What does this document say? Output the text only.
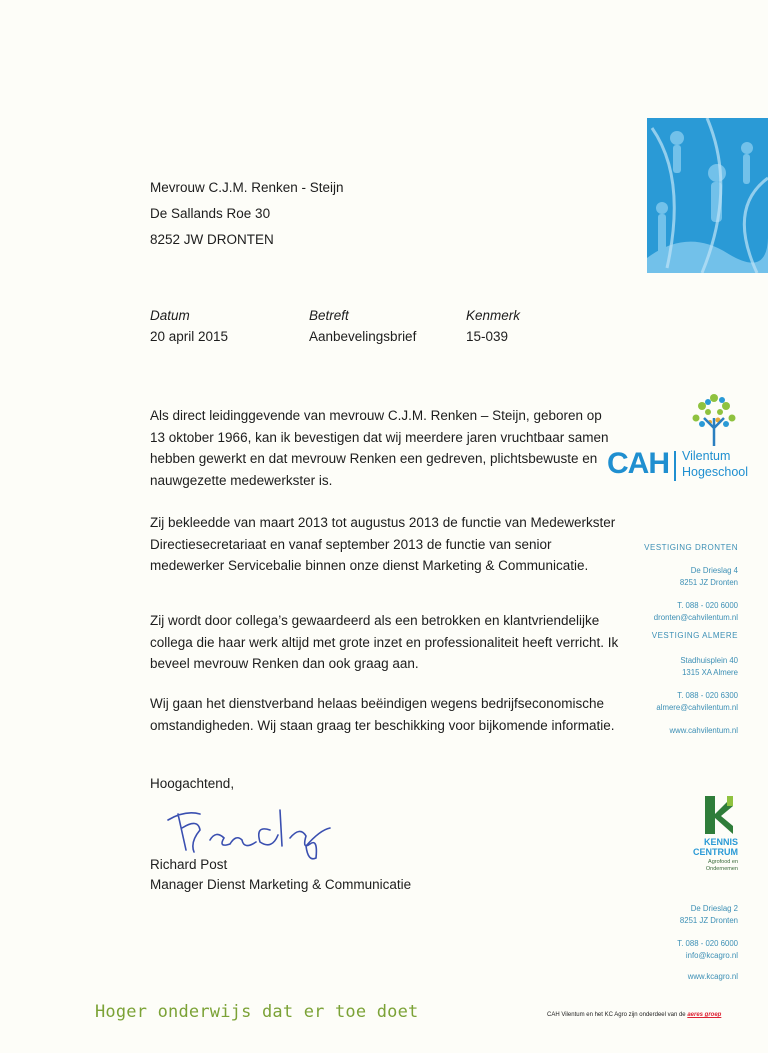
Mevrouw C.J.M. Renken - Steijn
De Sallands Roe 30
8252 JW DRONTEN
Datum
20 april 2015
Betreft
Aanbevelingsbrief
Kenmerk
15-039
Als direct leidinggevende van mevrouw C.J.M. Renken – Steijn, geboren op 13 oktober 1966, kan ik bevestigen dat wij meerdere jaren vruchtbaar samen hebben gewerkt en dat mevrouw Renken een gedreven, plichtsbewuste en nauwgezette medewerkster is.
Zij bekleedde van maart 2013 tot augustus 2013 de functie van Medewerkster Directiesecretariaat en vanaf september 2013 de functie van senior medewerker Servicebalie binnen onze dienst Marketing & Communicatie.
Zij wordt door collega’s gewaardeerd als een betrokken en klantvriendelijke collega die haar werk altijd met grote inzet en professionaliteit heeft verricht. Ik beveel mevrouw Renken dan ook graag aan.
Wij gaan het dienstverband helaas beëindigen wegens bedrijfseconomische omstandigheden. Wij staan graag ter beschikking voor bijkomende informatie.
Hoogachtend,
Richard Post
Manager Dienst Marketing & Communicatie
CAH Vilentum
Hogeschool
VESTIGING DRONTEN
De Drieslag 4
8251 JZ Dronten
T. 088 - 020 6000
dronten@cahvilentum.nl
VESTIGING ALMERE
Stadhuisplein 40
1315 XA Almere
T. 088 - 020 6300
almere@cahvilentum.nl
www.cahvilentum.nl
KENNIS
CENTRUM
Agrofood en
Ondernemen
De Drieslag 2
8251 JZ Dronten
T. 088 - 020 6000
info@kcagro.nl
www.kcagro.nl
Hoger onderwijs dat er toe doet	CAH Vilentum en het KC Agro zijn onderdeel van de aeres groep
